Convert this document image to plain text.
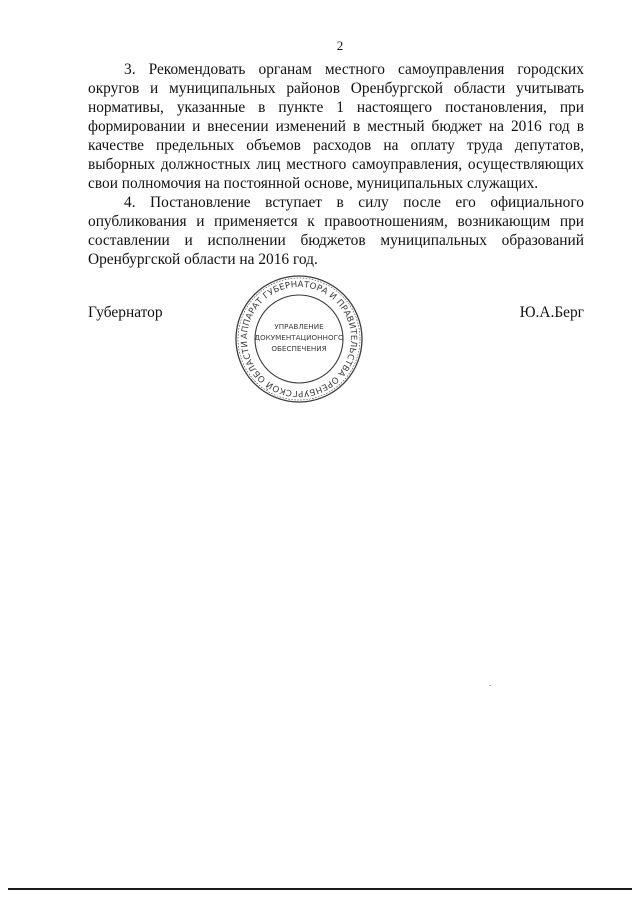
2

3. Рекомендовать органам местного самоуправления городских округов и муниципальных районов Оренбургской области учитывать нормативы, указанные в пункте 1 настоящего постановления, при формировании и внесении изменений в местный бюджет на 2016 год в качестве предельных объемов расходов на оплату труда депутатов, выборных должностных лиц местного самоуправления, осуществляющих свои полномочия на постоянной основе, муниципальных служащих.

4. Постановление вступает в силу после его официального опубликования и применяется к правоотношениям, возникающим при составлении и исполнении бюджетов муниципальных образований Оренбургской области на 2016 год.

Губернатор	Ю.А.Берг
АППАРАТ ГУБЕРНАТОРА И ПРАВИТЕЛЬСТВА ОРЕНБУРГСКОЙ ОБЛАСТИ
УПРАВЛЕНИЕ
ДОКУМЕНТАЦИОННОГО
ОБЕСПЕЧЕНИЯ
